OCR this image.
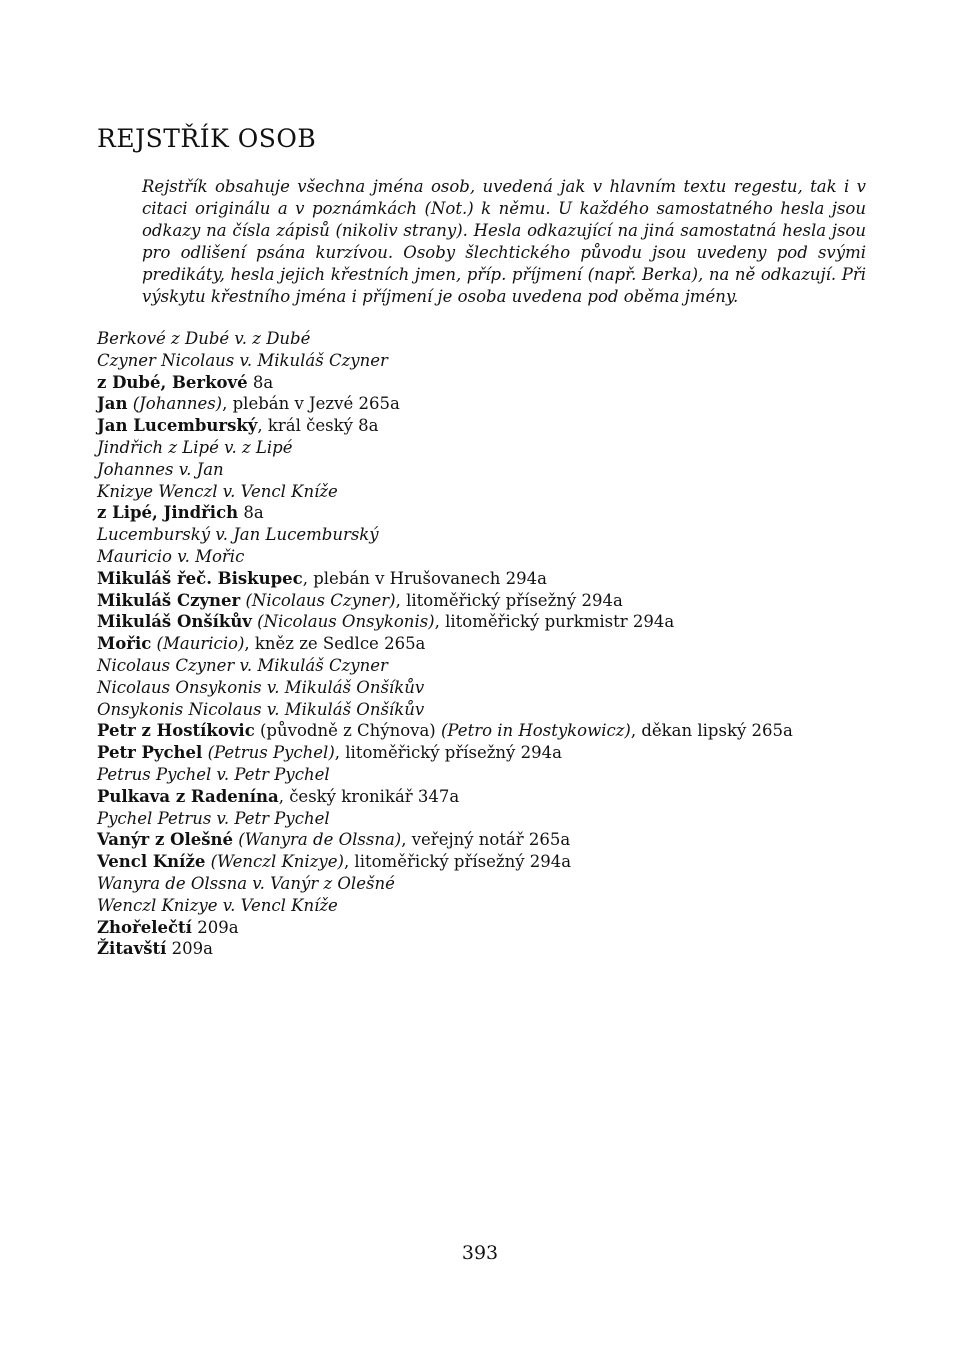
REJSTŘÍK OSOB

Rejstřík obsahuje všechna jména osob, uvedená jak v hlavním textu regestu, tak i v citaci originálu a v poznámkách (Not.) k němu. U každého samostatného hesla jsou odkazy na čísla zápisů (nikoliv strany). Hesla odkazující na jiná samostatná hesla jsou pro odlišení psána kurzívou. Osoby šlechtického původu jsou uvedeny pod svými predikáty, hesla jejich křestních jmen, příp. příjmení (např. Berka), na ně odkazují. Při výskytu křestního jména i příjmení je osoba uvedena pod oběma jmény.

Berkové z Dubé v. z Dubé
Czyner Nicolaus v. Mikuláš Czyner
z Dubé, Berkové 8a
Jan (Johannes), plebán v Jezvé 265a
Jan Lucemburský, král český 8a
Jindřich z Lipé v. z Lipé
Johannes v. Jan
Knizye Wenczl v. Vencl Kníže
z Lipé, Jindřich 8a
Lucemburský v. Jan Lucemburský
Mauricio v. Mořic
Mikuláš řeč. Biskupec, plebán v Hrušovanech 294a
Mikuláš Czyner (Nicolaus Czyner), litoměřický přísežný 294a
Mikuláš Onšíkův (Nicolaus Onsykonis), litoměřický purkmistr 294a
Mořic (Mauricio), kněz ze Sedlce 265a
Nicolaus Czyner v. Mikuláš Czyner
Nicolaus Onsykonis v. Mikuláš Onšíkův
Onsykonis Nicolaus v. Mikuláš Onšíkův
Petr z Hostíkovic (původně z Chýnova) (Petro in Hostykowicz), děkan lipský 265a
Petr Pychel (Petrus Pychel), litoměřický přísežný 294a
Petrus Pychel v. Petr Pychel
Pulkava z Radenína, český kronikář 347a
Pychel Petrus v. Petr Pychel
Vanýr z Olešné (Wanyra de Olssna), veřejný notář 265a
Vencl Kníže (Wenczl Knizye), litoměřický přísežný 294a
Wanyra de Olssna v. Vanýr z Olešné
Wenczl Knizye v. Vencl Kníže
Zhořelečtí 209a
Žitavští 209a
393
